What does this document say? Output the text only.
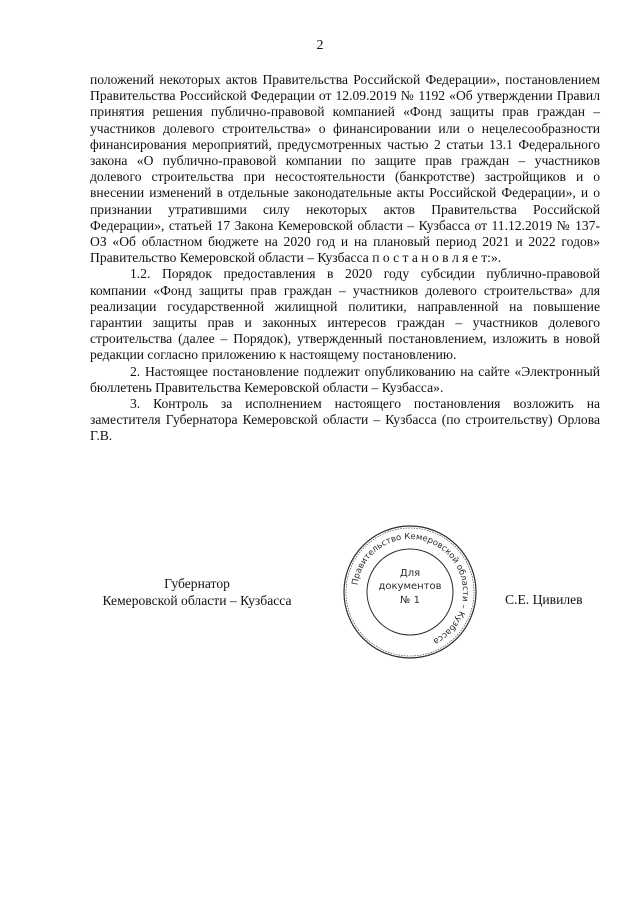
2

положений некоторых актов Правительства Российской Федерации», постановлением Правительства Российской Федерации от 12.09.2019 № 1192 «Об утверждении Правил принятия решения публично-правовой компанией «Фонд защиты прав граждан – участников долевого строительства» о финансировании или о нецелесообразности финансирования мероприятий, предусмотренных частью 2 статьи 13.1 Федерального закона «О публично-правовой компании по защите прав граждан – участников долевого строительства при несостоятельности (банкротстве) застройщиков и о внесении изменений в отдельные законодательные акты Российской Федерации», и о признании утратившими силу некоторых актов Правительства Российской Федерации», статьей 17 Закона Кемеровской области – Кузбасса от 11.12.2019 № 137-ОЗ «Об областном бюджете на 2020 год и на плановый период 2021 и 2022 годов» Правительство Кемеровской области – Кузбасса п о с т а н о в л я е т:».

1.2. Порядок предоставления в 2020 году субсидии публично-правовой компании «Фонд защиты прав граждан – участников долевого строительства» для реализации государственной жилищной политики, направленной на повышение гарантии защиты прав и законных интересов граждан – участников долевого строительства (далее – Порядок), утвержденный постановлением, изложить в новой редакции согласно приложению к настоящему постановлению.

2. Настоящее постановление подлежит опубликованию на сайте «Электронный бюллетень Правительства Кемеровской области – Кузбасса».

3. Контроль за исполнением настоящего постановления возложить на заместителя Губернатора Кемеровской области – Кузбасса (по строительству) Орлова Г.В.

Губернатор
Кемеровской области – Кузбасса	С.Е. Цивилев
Правительство Кемеровской области – Кузбасса
Для
документов
№ 1
